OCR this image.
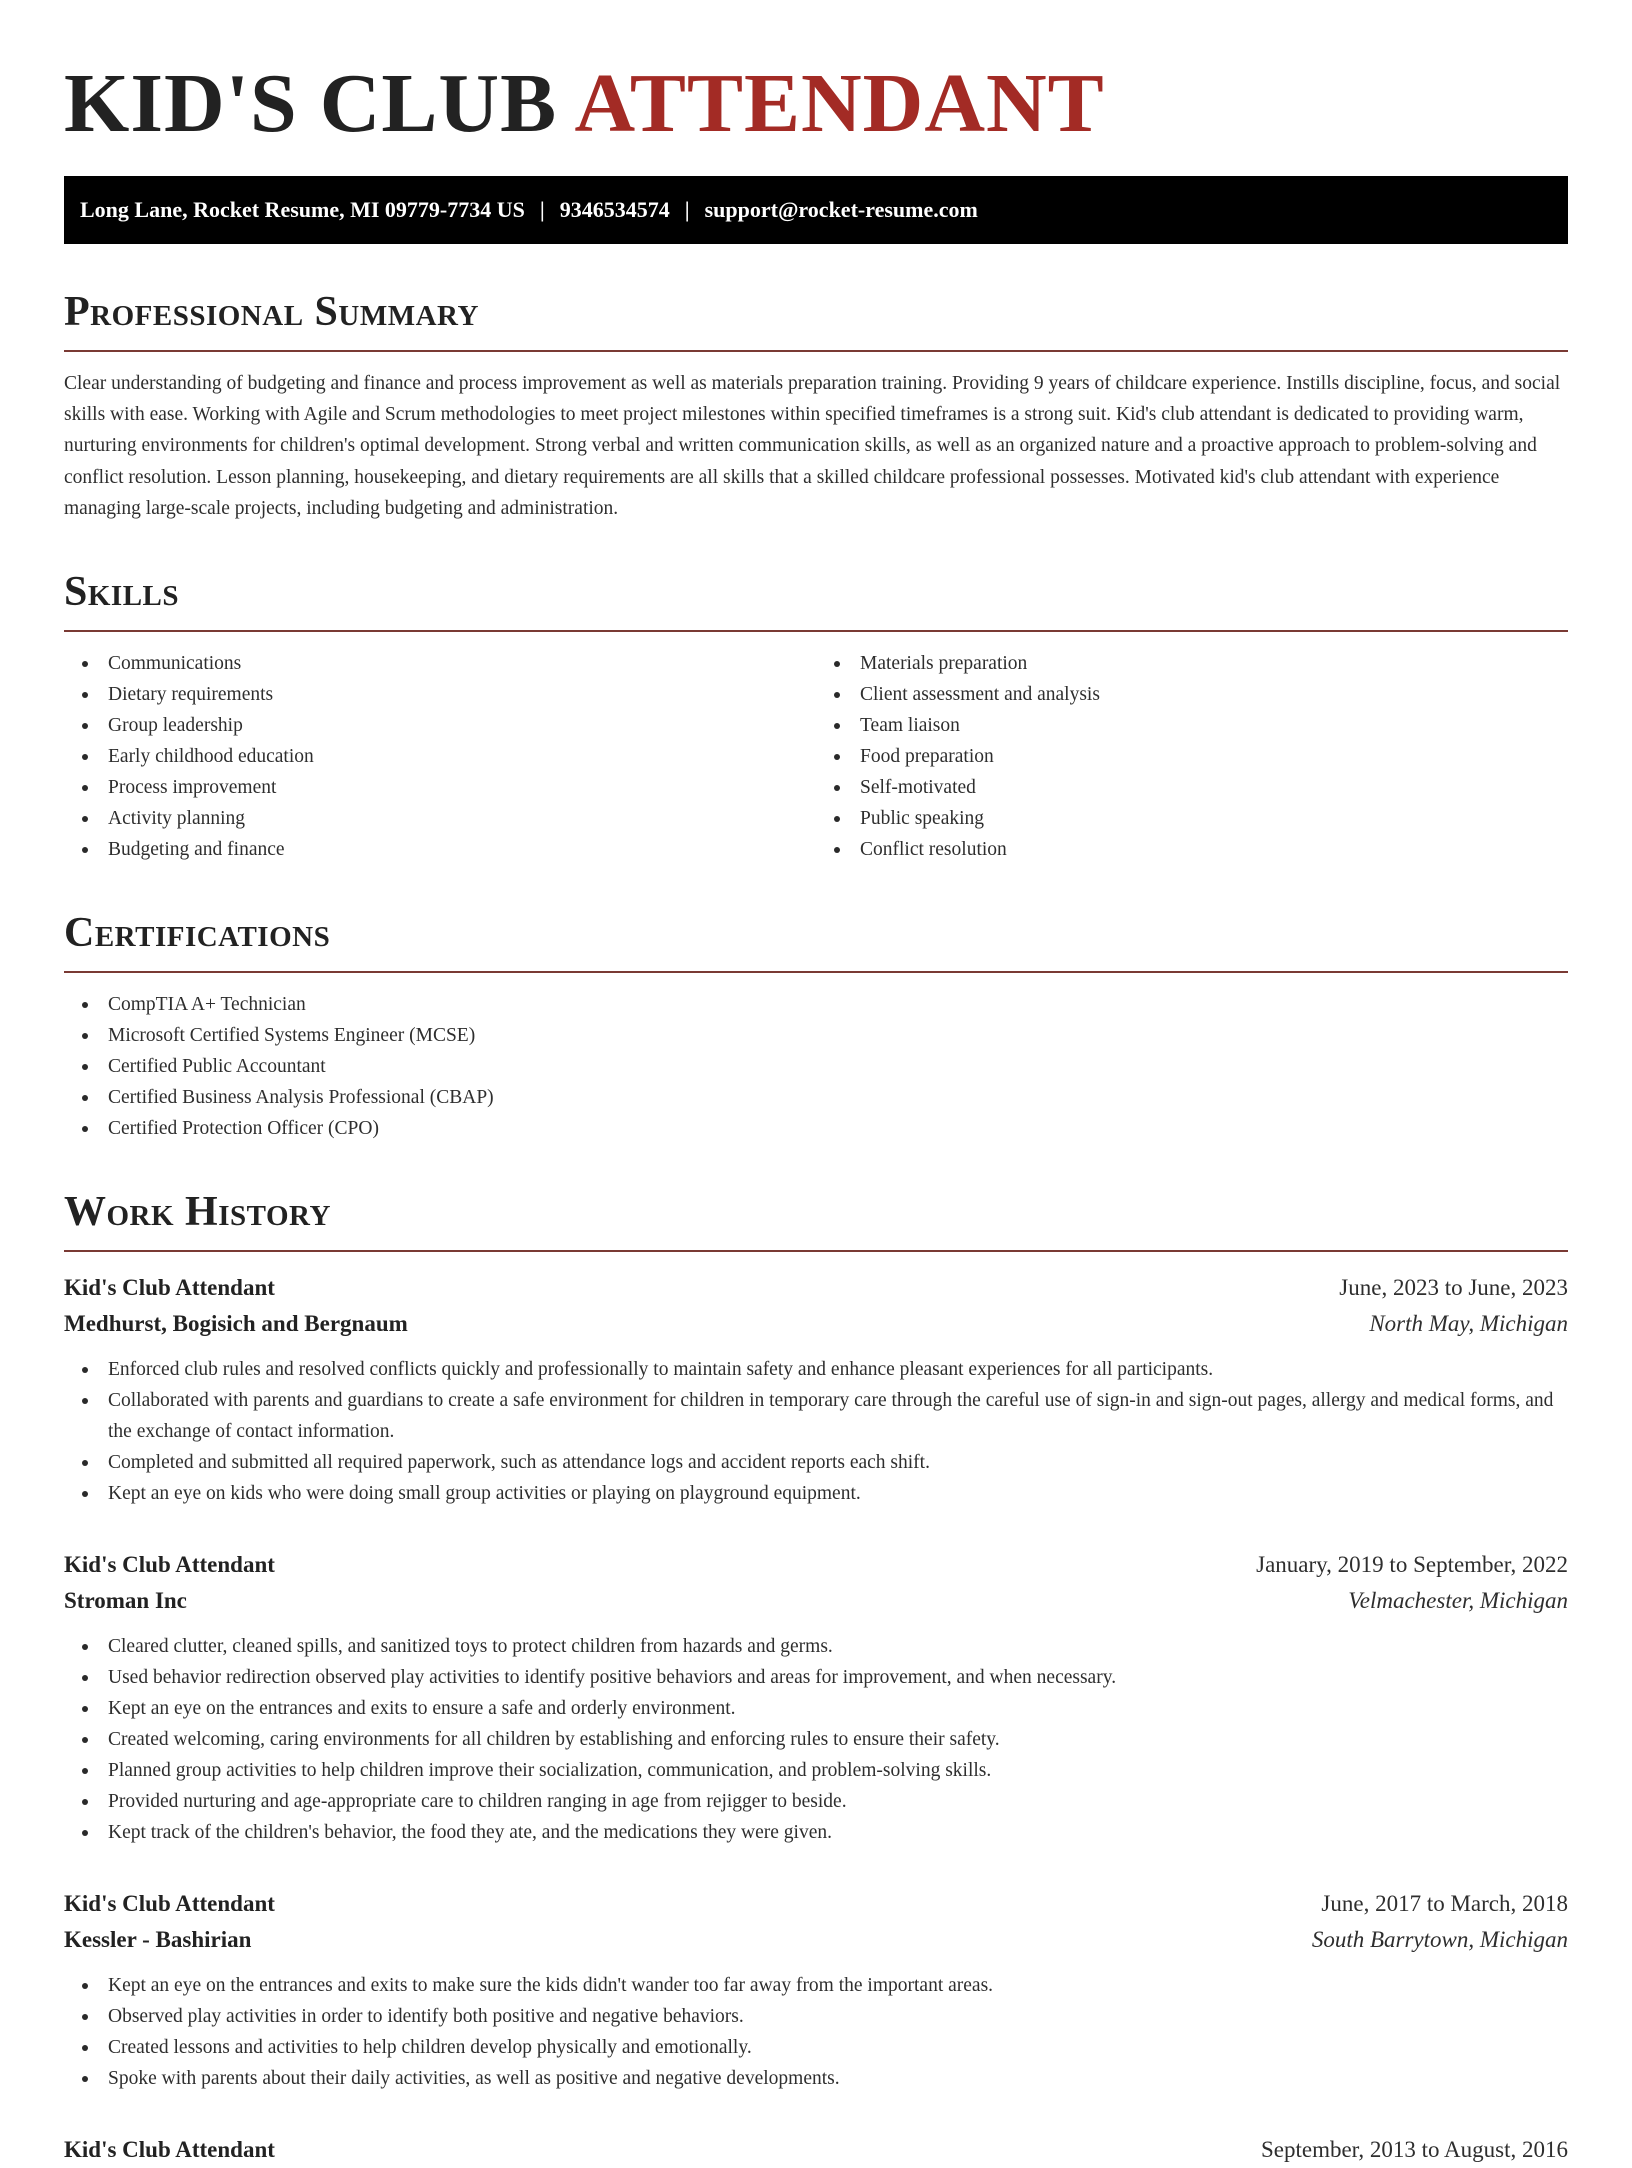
KID'S CLUB ATTENDANT
Long Lane, Rocket Resume, MI 09779-7734 US | 9346534574 | support@rocket-resume.com
Professional Summary

Clear understanding of budgeting and finance and process improvement as well as materials preparation training. Providing 9 years of childcare experience. Instills discipline, focus, and social skills with ease. Working with Agile and Scrum methodologies to meet project milestones within specified timeframes is a strong suit. Kid's club attendant is dedicated to providing warm, nurturing environments for children's optimal development. Strong verbal and written communication skills, as well as an organized nature and a proactive approach to problem-solving and conflict resolution. Lesson planning, housekeeping, and dietary requirements are all skills that a skilled childcare professional possesses. Motivated kid's club attendant with experience managing large-scale projects, including budgeting and administration.

Skills
Communications
Dietary requirements
Group leadership
Early childhood education
Process improvement
Activity planning
Budgeting and finance
Materials preparation
Client assessment and analysis
Team liaison
Food preparation
Self-motivated
Public speaking
Conflict resolution
Certifications
CompTIA A+ Technician
Microsoft Certified Systems Engineer (MCSE)
Certified Public Accountant
Certified Business Analysis Professional (CBAP)
Certified Protection Officer (CPO)
Work History
Kid's Club Attendant	June, 2023 to June, 2023
Medhurst, Bogisich and Bergnaum	North May, Michigan
Enforced club rules and resolved conflicts quickly and professionally to maintain safety and enhance pleasant experiences for all participants.
Collaborated with parents and guardians to create a safe environment for children in temporary care through the careful use of sign-in and sign-out pages, allergy and medical forms, and the exchange of contact information.
Completed and submitted all required paperwork, such as attendance logs and accident reports each shift.
Kept an eye on kids who were doing small group activities or playing on playground equipment.
Kid's Club Attendant	January, 2019 to September, 2022
Stroman Inc	Velmachester, Michigan
Cleared clutter, cleaned spills, and sanitized toys to protect children from hazards and germs.
Used behavior redirection observed play activities to identify positive behaviors and areas for improvement, and when necessary.
Kept an eye on the entrances and exits to ensure a safe and orderly environment.
Created welcoming, caring environments for all children by establishing and enforcing rules to ensure their safety.
Planned group activities to help children improve their socialization, communication, and problem-solving skills.
Provided nurturing and age-appropriate care to children ranging in age from rejigger to beside.
Kept track of the children's behavior, the food they ate, and the medications they were given.
Kid's Club Attendant	June, 2017 to March, 2018
Kessler - Bashirian	South Barrytown, Michigan
Kept an eye on the entrances and exits to make sure the kids didn't wander too far away from the important areas.
Observed play activities in order to identify both positive and negative behaviors.
Created lessons and activities to help children develop physically and emotionally.
Spoke with parents about their daily activities, as well as positive and negative developments.
Kid's Club Attendant	September, 2013 to August, 2016
